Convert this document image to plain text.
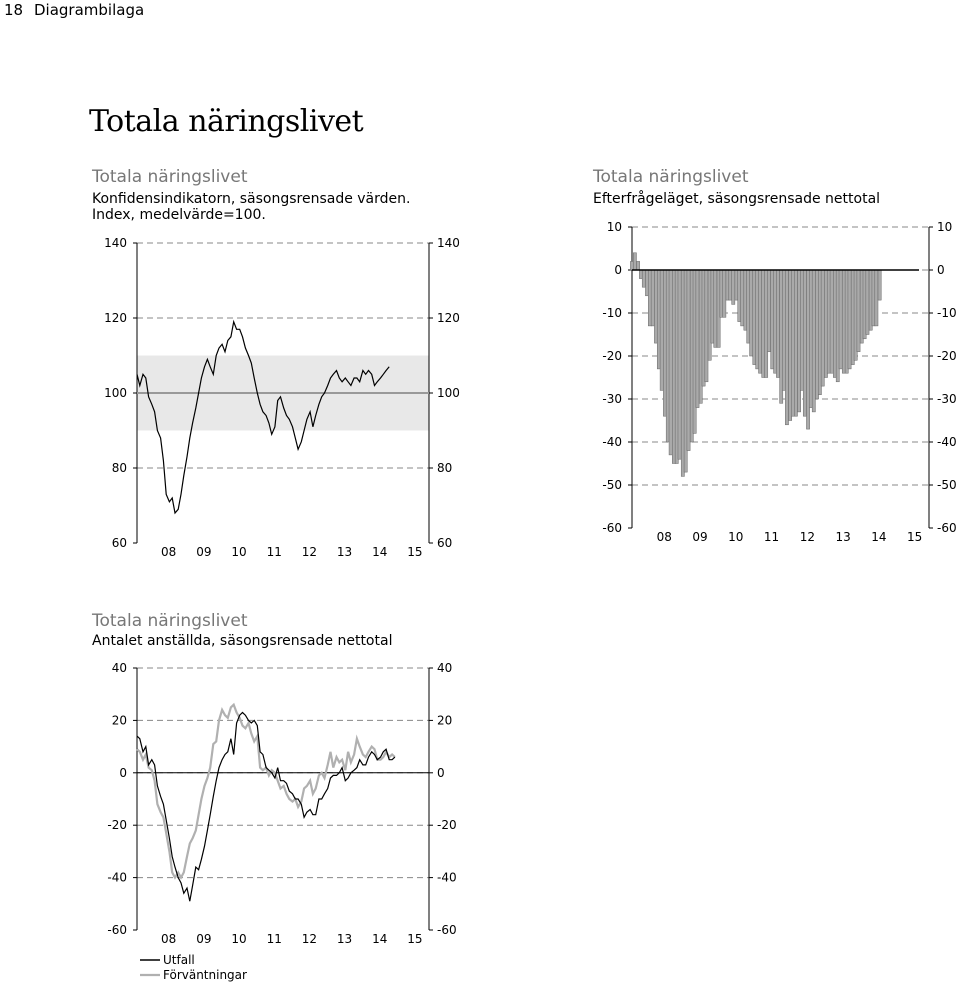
18 Diagrambilaga
Totala näringslivet
Totala näringslivet
Konfidensindikatorn, säsongsrensade värden.
Index, medelvärde=100.
Totala näringslivet
Efterfrågeläget, säsongsrensade nettotal
Totala näringslivet
Antalet anställda, säsongsrensade nettotal
60	60
80	80
100	100
120	120
140	140
08 09 10 11 12 13 14 15
-60	-60
-50	-50
-40	-40
-30	-30
-20	-20
-10	-10
0	0
10	10
08 09 10 11 12 13 14 15
-60	-60
-40	-40
-20	-20
0	0
20	20
40	40
08 09 10 11 12 13 14 15
Utfall
Förväntningar
